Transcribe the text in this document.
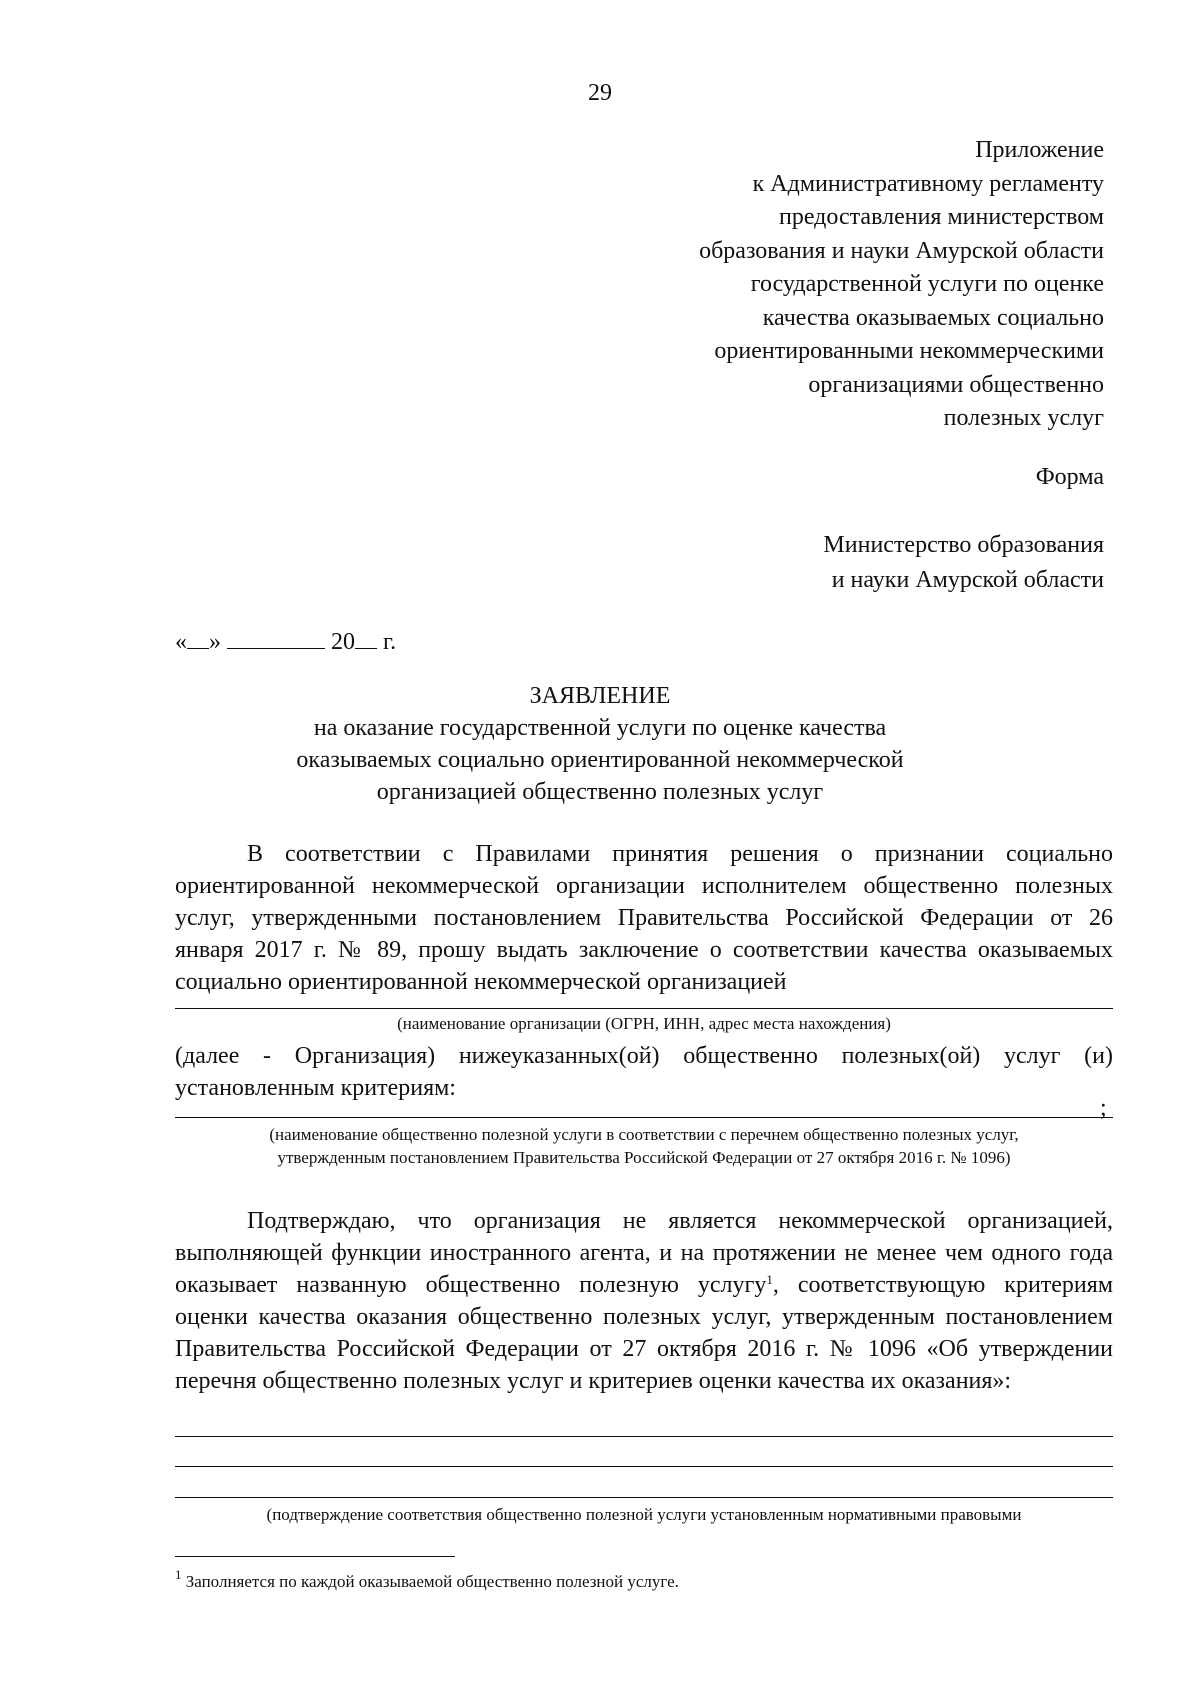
29
Приложение
к Административному регламенту
предоставления министерством
образования и науки Амурской области
государственной услуги по оценке
качества оказываемых социально
ориентированными некоммерческими
организациями общественно
полезных услуг
Форма
Министерство образования
и науки Амурской области
« »	20 г.
ЗАЯВЛЕНИЕ
на оказание государственной услуги по оценке качества
оказываемых социально ориентированной некоммерческой
организацией общественно полезных услуг
В соответствии с Правилами принятия решения о признании социально ориентированной некоммерческой организации исполнителем общественно полезных услуг, утвержденными постановлением Правительства Российской Федерации от 26 января 2017 г. № 89, прошу выдать заключение о соответствии качества оказываемых социально ориентированной некоммерческой организацией
(наименование организации (ОГРН, ИНН, адрес места нахождения)
(далее - Организация) нижеуказанных(ой) общественно полезных(ой) услуг (и) установленным критериям:
;
(наименование общественно полезной услуги в соответствии с перечнем общественно полезных услуг,
утвержденным постановлением Правительства Российской Федерации от 27 октября 2016 г. № 1096)
Подтверждаю, что организация не является некоммерческой организацией, выполняющей функции иностранного агента, и на протяжении не менее чем одного года оказывает названную общественно полезную услугу$^1$, соответствующую критериям оценки качества оказания общественно полезных услуг, утвержденным постановлением Правительства Российской Федерации от 27 октября 2016 г. № 1096 «Об утверждении перечня общественно полезных услуг и критериев оценки качества их оказания»:
(подтверждение соответствия общественно полезной услуги установленным нормативными правовыми
$^1$ Заполняется по каждой оказываемой общественно полезной услуге.
